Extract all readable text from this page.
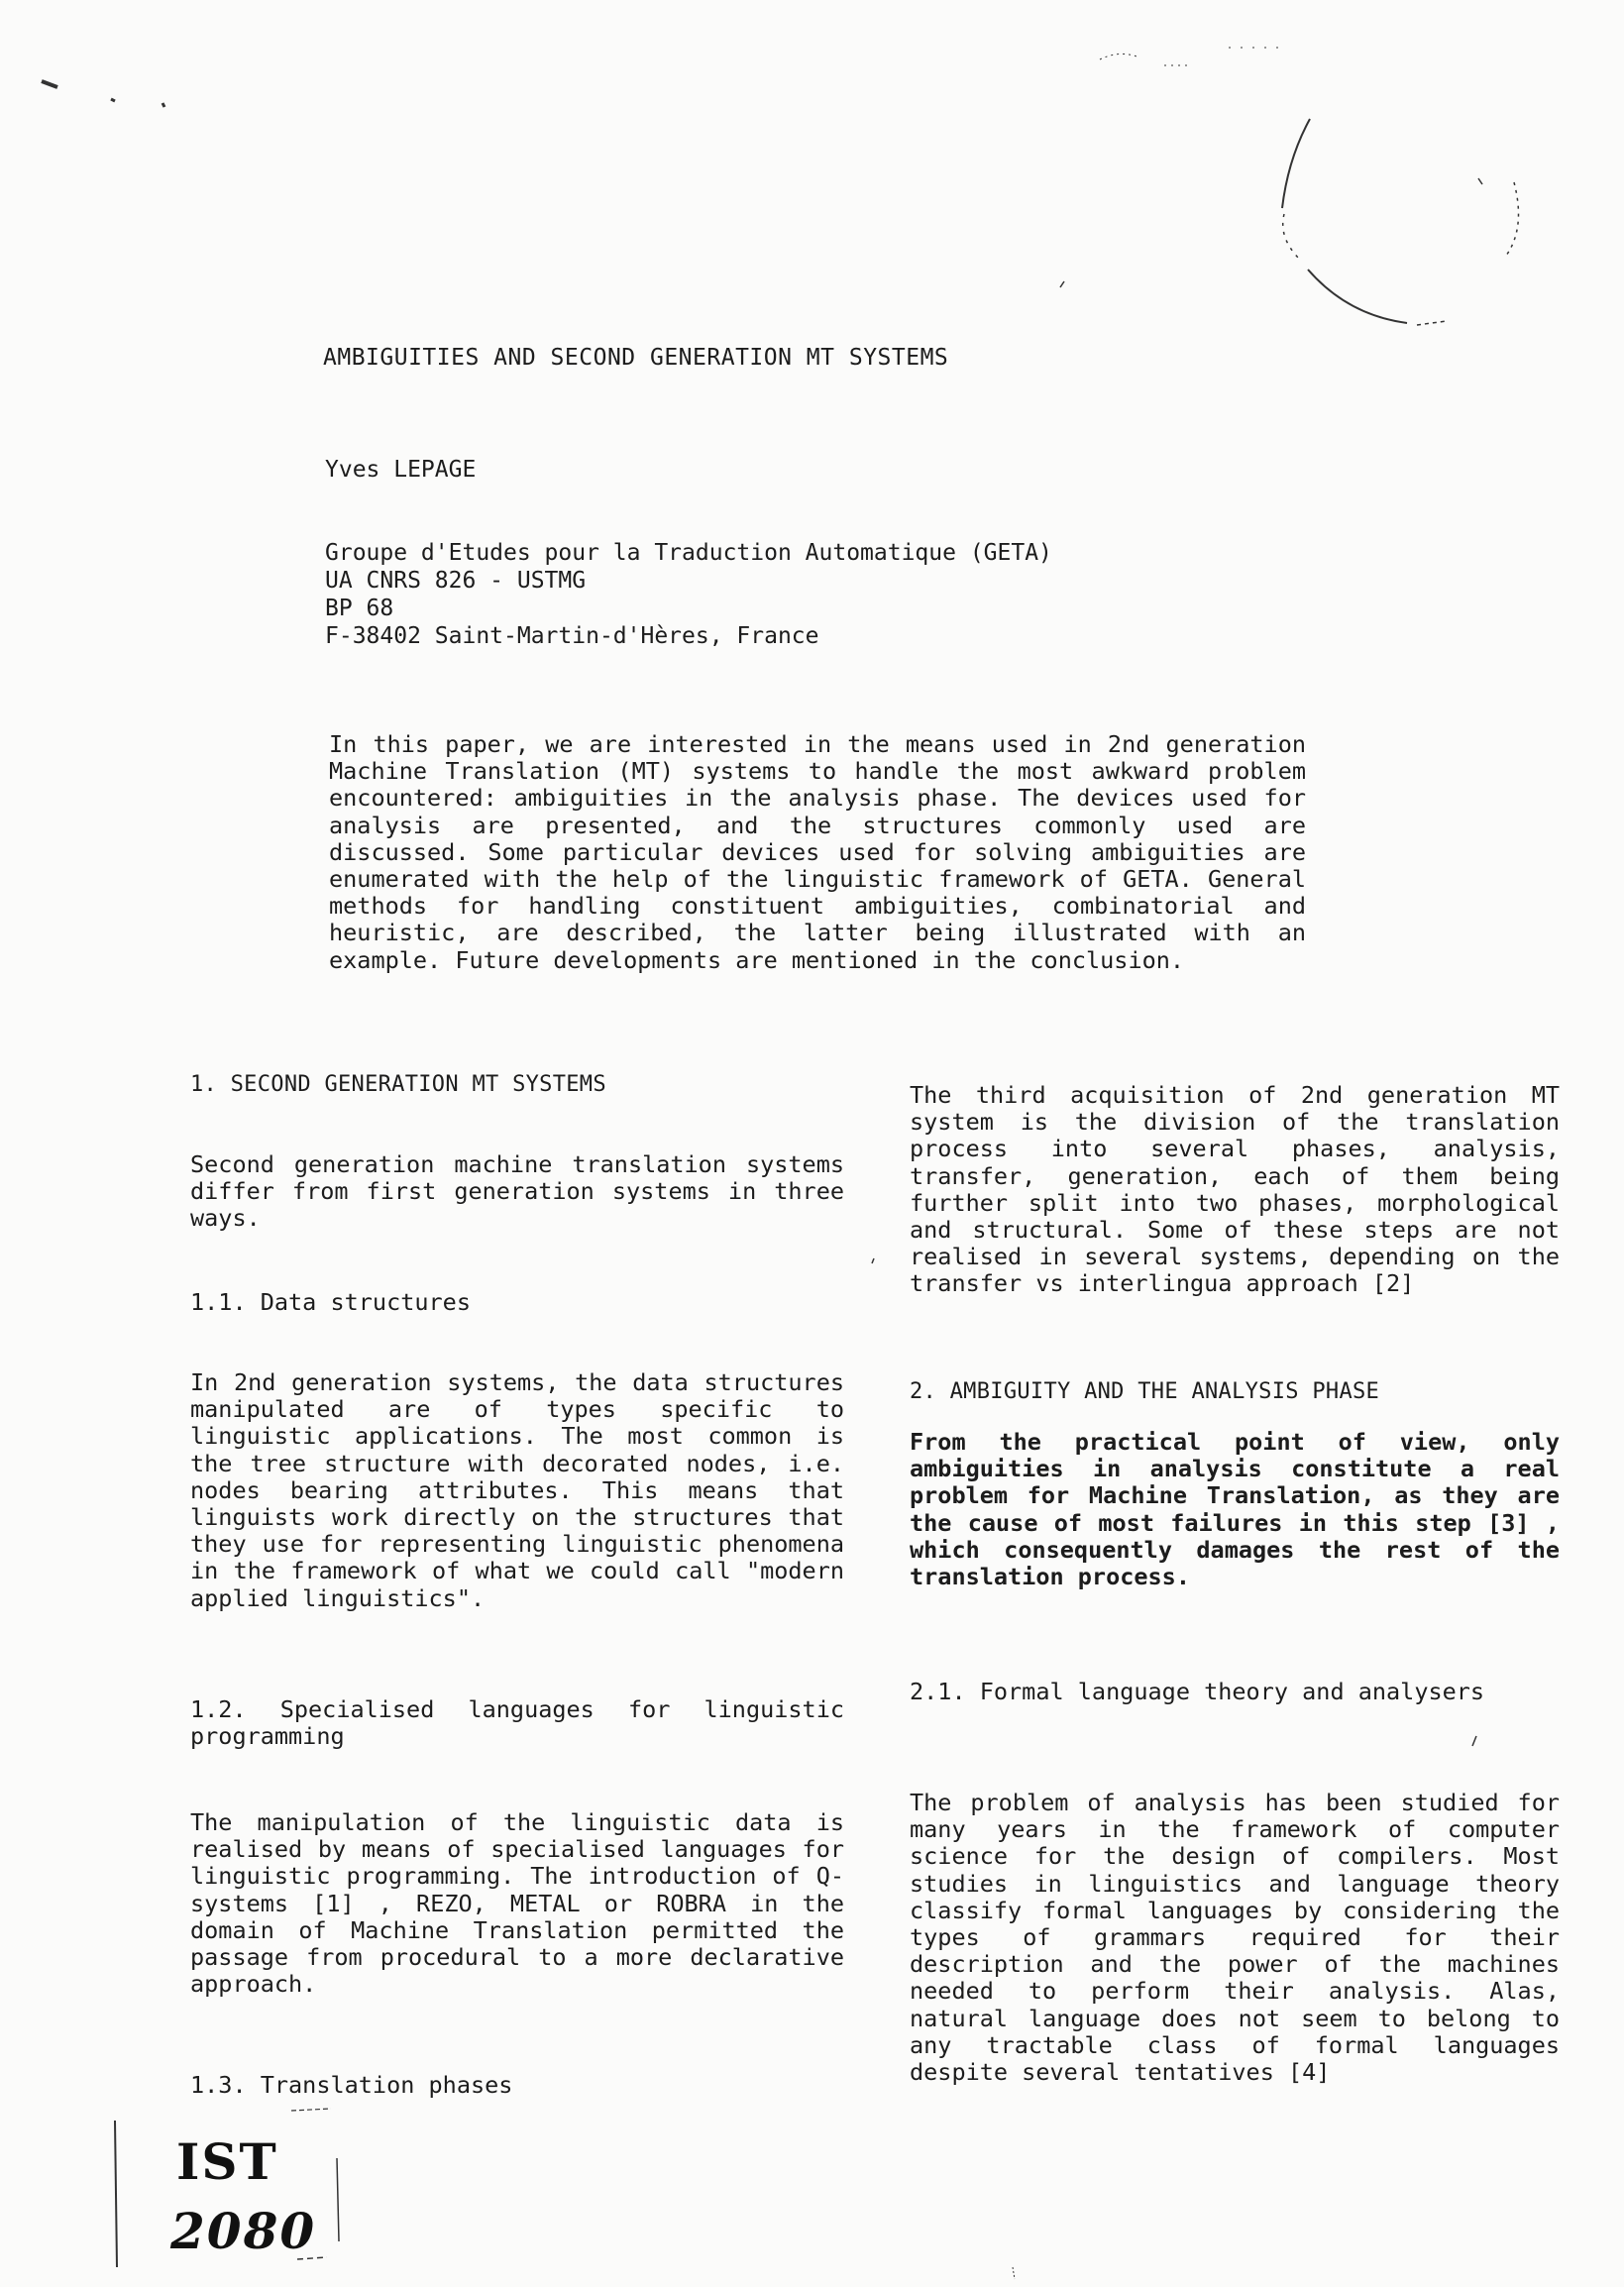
AMBIGUITIES AND SECOND GENERATION MT SYSTEMS
Yves LEPAGE
Groupe d'Etudes pour la Traduction Automatique (GETA)
UA CNRS 826 - USTMG
BP 68
F-38402 Saint-Martin-d'Hères, France

In this paper, we are interested in the means used in 2nd generation Machine Translation (MT) systems to handle the most awkward problem encountered: ambiguities in the analysis phase. The devices used for analysis are presented, and the structures commonly used are discussed. Some particular devices used for solving ambiguities are enumerated with the help of the linguistic framework of GETA. General methods for handling constituent ambiguities, combinatorial and heuristic, are described, the latter being illustrated with an example. Future developments are mentioned in the conclusion.

1. SECOND GENERATION MT SYSTEMS

Second generation machine translation systems differ from first generation systems in three ways.

1.1. Data structures

In 2nd generation systems, the data structures manipulated are of types specific to linguistic applications. The most common is the tree structure with decorated nodes, i.e. nodes bearing attributes. This means that linguists work directly on the structures that they use for representing linguistic phenomena in the framework of what we could call "modern applied linguistics".

1.2. Specialised languages for linguistic programming

The manipulation of the linguistic data is realised by means of specialised languages for linguistic programming. The introduction of Q-systems [1] , REZO, METAL or ROBRA in the domain of Machine Translation permitted the passage from procedural to a more declarative approach.

1.3. Translation phases

The third acquisition of 2nd generation MT system is the division of the translation process into several phases, analysis, transfer, generation, each of them being further split into two phases, morphological and structural. Some of these steps are not realised in several systems, depending on the transfer vs interlingua approach [2]

2. AMBIGUITY AND THE ANALYSIS PHASE

From the practical point of view, only ambiguities in analysis constitute a real problem for Machine Translation, as they are the cause of most failures in this step [3] , which consequently damages the rest of the translation process.

2.1. Formal language theory and analysers

The problem of analysis has been studied for many years in the framework of computer science for the design of compilers. Most studies in linguistics and language theory classify formal languages by considering the types of grammars required for their description and the power of the machines needed to perform their analysis. Alas, natural language does not seem to belong to any tractable class of formal languages despite several tentatives [4]

IST
2080
